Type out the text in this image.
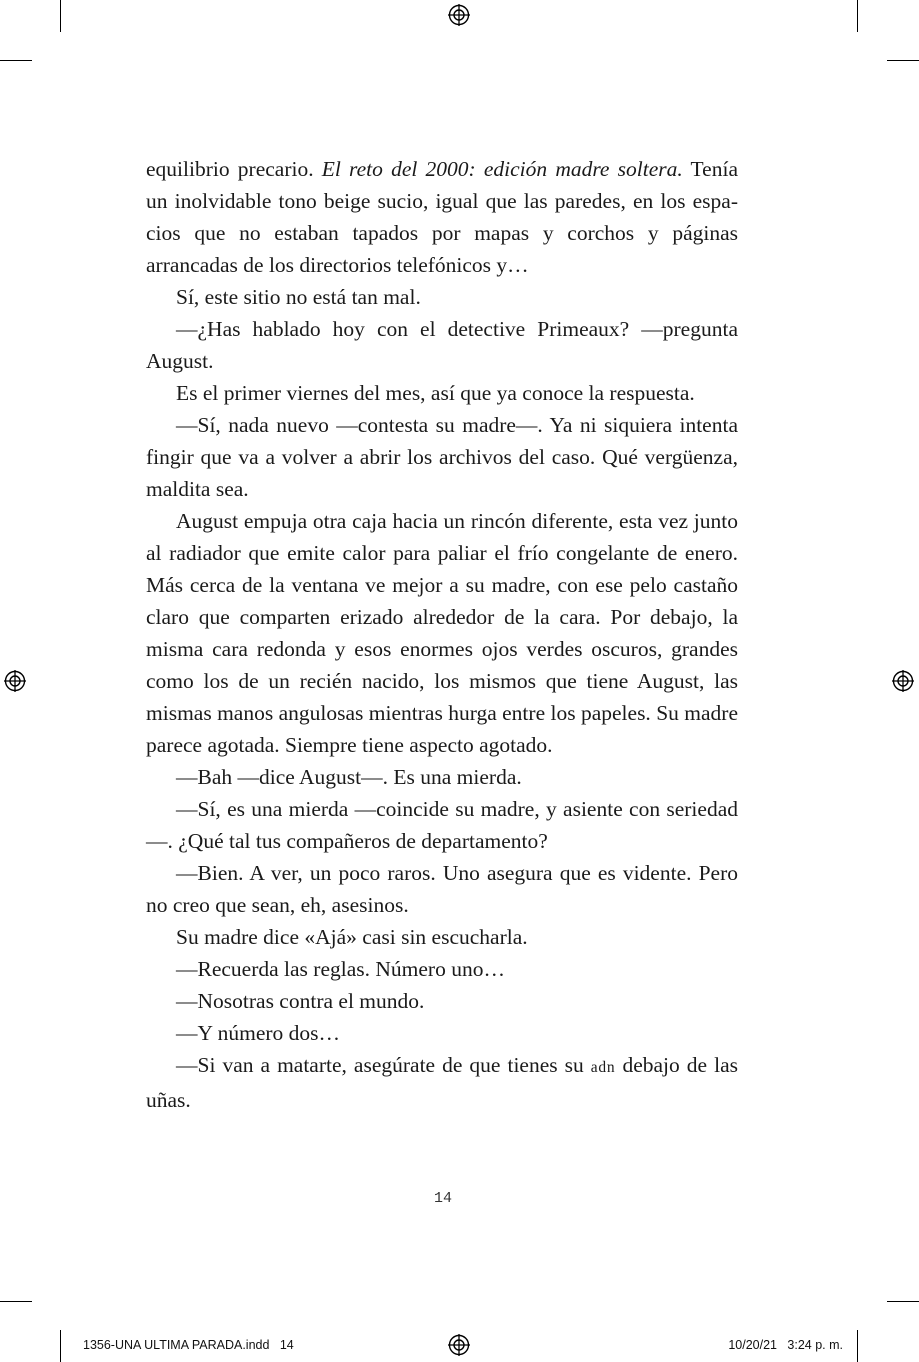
equilibrio precario. El reto del 2000: edición madre soltera. Tenía un inolvidable tono beige sucio, igual que las paredes, en los espacios que no estaban tapados por mapas y corchos y páginas arrancadas de los directorios telefónicos y…

Sí, este sitio no está tan mal.

—¿Has hablado hoy con el detective Primeaux? —pregunta August.

Es el primer viernes del mes, así que ya conoce la respuesta.

—Sí, nada nuevo —contesta su madre—. Ya ni siquiera intenta fingir que va a volver a abrir los archivos del caso. Qué vergüenza, maldita sea.

August empuja otra caja hacia un rincón diferente, esta vez junto al radiador que emite calor para paliar el frío congelante de enero. Más cerca de la ventana ve mejor a su madre, con ese pelo castaño claro que comparten erizado alrededor de la cara. Por debajo, la misma cara redonda y esos enormes ojos verdes oscuros, grandes como los de un recién nacido, los mismos que tiene August, las mismas manos angulosas mientras hurga entre los papeles. Su madre parece agotada. Siempre tiene aspecto agotado.

—Bah —dice August—. Es una mierda.

—Sí, es una mierda —coincide su madre, y asiente con seriedad—. ¿Qué tal tus compañeros de departamento?

—Bien. A ver, un poco raros. Uno asegura que es vidente. Pero no creo que sean, eh, asesinos.

Su madre dice «Ajá» casi sin escucharla.

—Recuerda las reglas. Número uno…

—Nosotras contra el mundo.

—Y número dos…

—Si van a matarte, asegúrate de que tienes su adn debajo de las uñas.

14
1356-UNA ULTIMA PARADA.indd   14	10/20/21   3:24 p. m.
